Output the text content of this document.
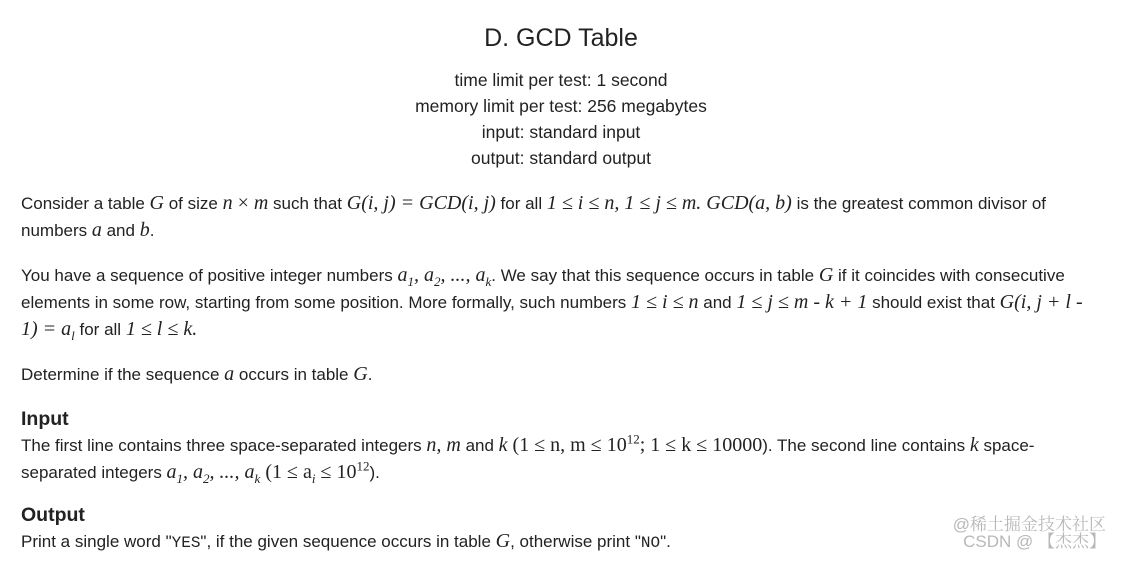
D. GCD Table
time limit per test: 1 second
memory limit per test: 256 megabytes
input: standard input
output: standard output
Consider a table G of size n × m such that G(i, j) = GCD(i, j) for all 1 ≤ i ≤ n, 1 ≤ j ≤ m. GCD(a, b) is the greatest common divisor of numbers a and b.
You have a sequence of positive integer numbers $a_1$, $a_2$, ..., $a_k$. We say that this sequence occurs in table G if it coincides with consecutive elements in some row, starting from some position. More formally, such numbers 1 ≤ i ≤ n and 1 ≤ j ≤ m - k + 1 should exist that G(i, $j + l - 1) = a_l$ for all 1 ≤ l ≤ k.
Determine if the sequence a occurs in table G.
Input
The first line contains three space-separated integers n, m and k (1 ≤ n, $m \le 10^{12}$; 1 ≤ k ≤ 10000). The second line contains k space-separated integers $a_1$, $a_2$, ..., $a_k$ $(1 \le a_i \le 10^{12})$.
Output
Print a single word "YES", if the given sequence occurs in table G, otherwise print "NO".
@稀土掘金技术社区
CSDN @ 【杰杰】
